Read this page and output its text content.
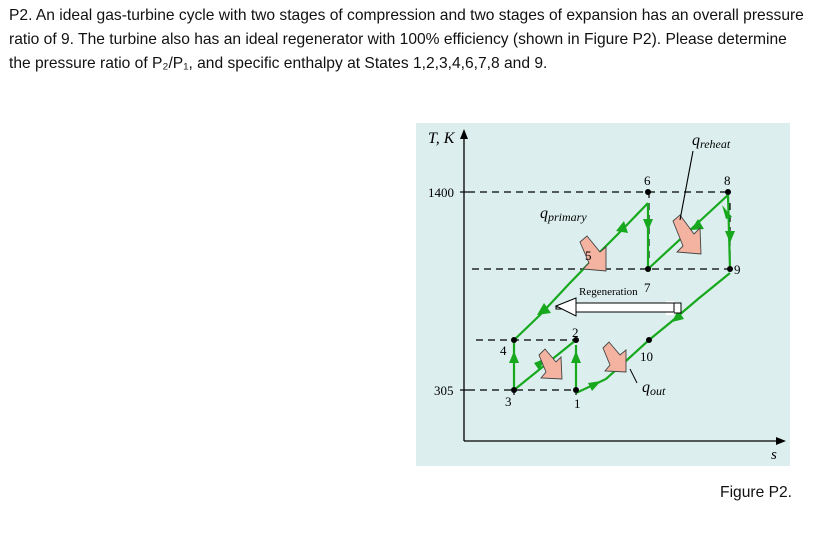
P2. An ideal gas-turbine cycle with two stages of compression and two stages of expansion has an overall pressure ratio of 9. The turbine also has an ideal regenerator with 100% efficiency (shown in Figure P2). Please determine the pressure ratio of P₂/P₁, and specific enthalpy at States 1,2,3,4,6,7,8 and 9.
T, K
s
1400
305
qreheat
qprimary
qout
Regeneration
1
2
3
4
5
6
7
8
9
10
Figure P2.
